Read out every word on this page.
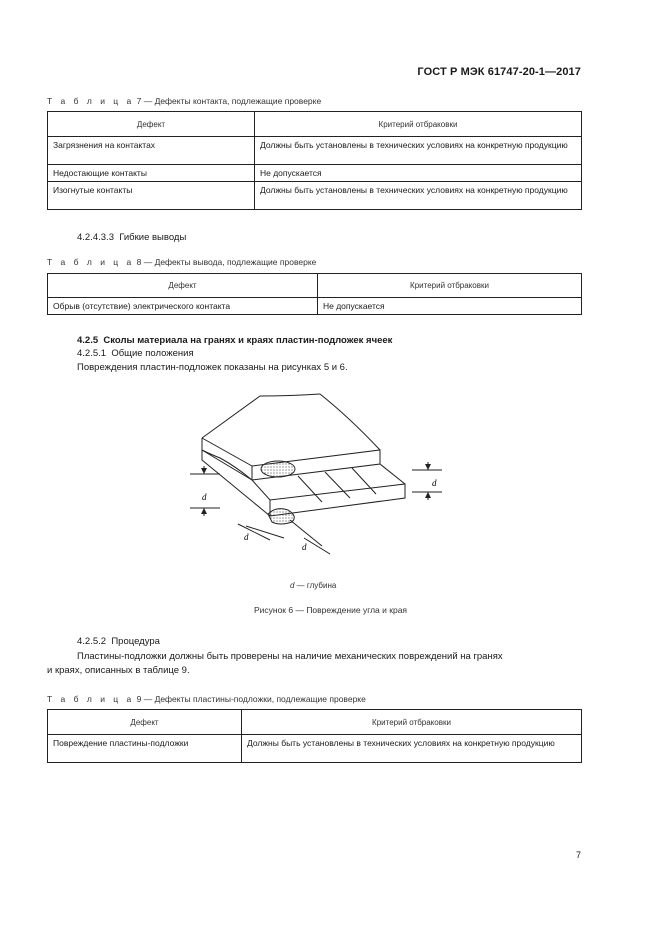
ГОСТ Р МЭК 61747-20-1—2017
Т а б л и ц а 7 — Дефекты контакта, подлежащие проверке
Дефект	Критерий отбраковки
Загрязнения на контактах	Должны быть установлены в технических условиях на конкретную продукцию
Недостающие контакты	Не допускается
Изогнутые контакты	Должны быть установлены в технических условиях на конкретную продукцию
4.2.4.3.3 Гибкие выводы
Т а б л и ц а 8 — Дефекты вывода, подлежащие проверке
Дефект	Критерий отбраковки
Обрыв (отсутствие) электрического контакта	Не допускается
4.2.5 Сколы материала на гранях и краях пластин-подложек ячеек
4.2.5.1 Общие положения
Повреждения пластин-подложек показаны на рисунках 5 и 6.
d
d
d
d
d — глубина
Рисунок 6 — Повреждение угла и края
4.2.5.2 Процедура
Пластины-подложки должны быть проверены на наличие механических повреждений на гранях
и краях, описанных в таблице 9.
Т а б л и ц а 9 — Дефекты пластины-подложки, подлежащие проверке
Дефект	Критерий отбраковки
Повреждение пластины-подложки	Должны быть установлены в технических условиях на конкретную продукцию
7
